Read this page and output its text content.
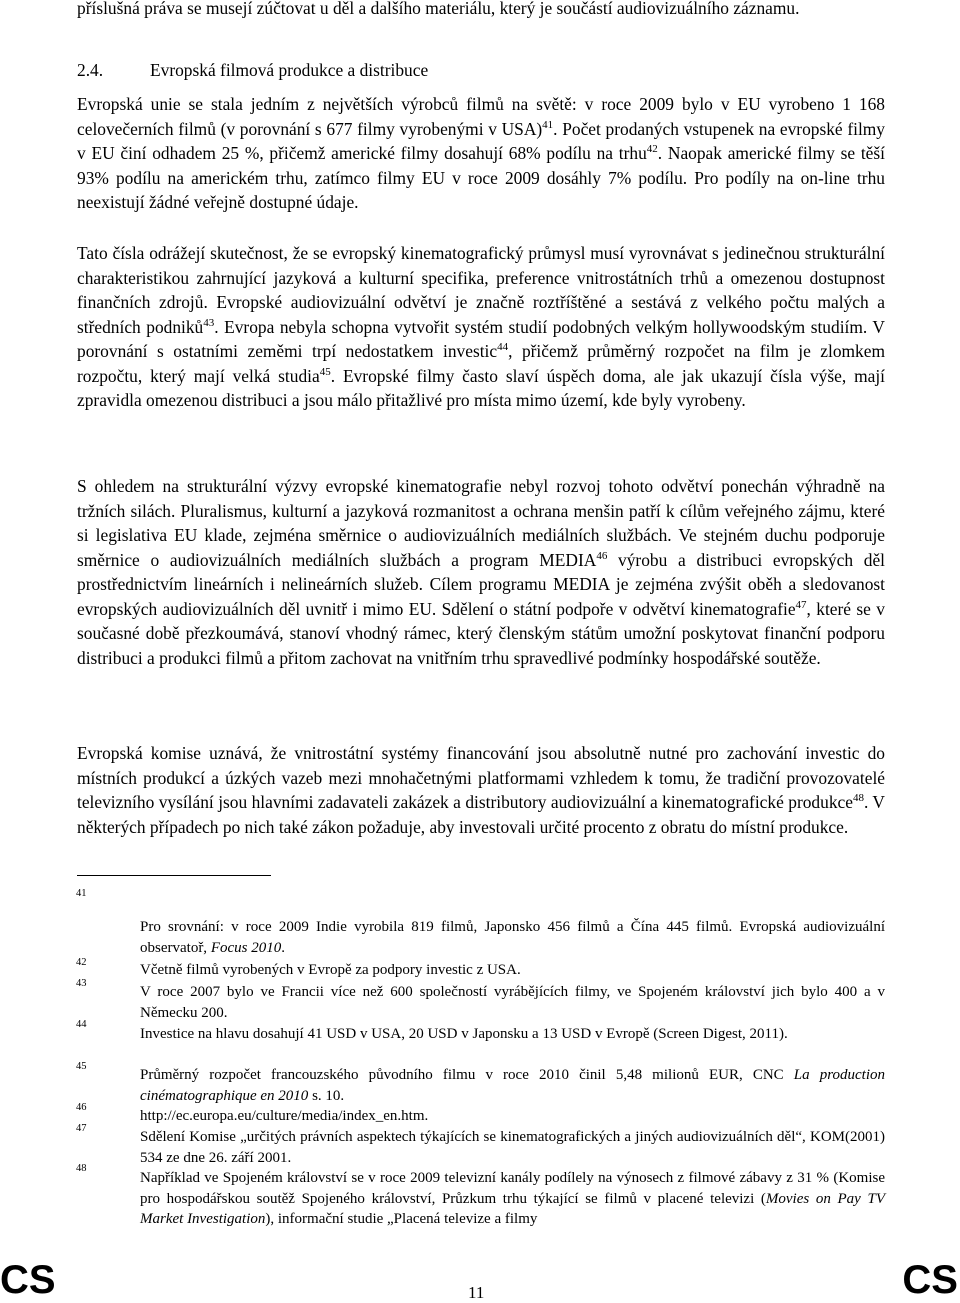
příslušná práva se musejí zúčtovat u děl a dalšího materiálu, který je součástí audiovizuálního záznamu.
2.4.	Evropská filmová produkce a distribuce
Evropská unie se stala jedním z největších výrobců filmů na světě: v roce 2009 bylo v EU vyrobeno 1 168 celovečerních filmů (v porovnání s 677 filmy vyrobenými v USA)$^{41}$. Počet prodaných vstupenek na evropské filmy v EU činí odhadem 25 %, přičemž americké filmy dosahují 68% podílu na trhu$^{42}$. Naopak americké filmy se těší 93% podílu na americkém trhu, zatímco filmy EU v roce 2009 dosáhly 7% podílu. Pro podíly na on-line trhu neexistují žádné veřejně dostupné údaje.
Tato čísla odrážejí skutečnost, že se evropský kinematografický průmysl musí vyrovnávat s jedinečnou strukturální charakteristikou zahrnující jazyková a kulturní specifika, preference vnitrostátních trhů a omezenou dostupnost finančních zdrojů. Evropské audiovizuální odvětví je značně roztříštěné a sestává z velkého počtu malých a středních podniků$^{43}$. Evropa nebyla schopna vytvořit systém studií podobných velkým hollywoodským studiím. V porovnání s ostatními zeměmi trpí nedostatkem investic$^{44}$, přičemž průměrný rozpočet na film je zlomkem rozpočtu, který mají velká studia$^{45}$. Evropské filmy často slaví úspěch doma, ale jak ukazují čísla výše, mají zpravidla omezenou distribuci a jsou málo přitažlivé pro místa mimo území, kde byly vyrobeny.
S ohledem na strukturální výzvy evropské kinematografie nebyl rozvoj tohoto odvětví ponechán výhradně na tržních silách. Pluralismus, kulturní a jazyková rozmanitost a ochrana menšin patří k cílům veřejného zájmu, které si legislativa EU klade, zejména směrnice o audiovizuálních mediálních službách. Ve stejném duchu podporuje směrnice o audiovizuálních mediálních službách a program MEDIA$^{46}$ výrobu a distribuci evropských děl prostřednictvím lineárních i nelineárních služeb. Cílem programu MEDIA je zejména zvýšit oběh a sledovanost evropských audiovizuálních děl uvnitř i mimo EU. Sdělení o státní podpoře v odvětví kinematografie$^{47}$, které se v současné době přezkoumává, stanoví vhodný rámec, který členským státům umožní poskytovat finanční podporu distribuci a produkci filmů a přitom zachovat na vnitřním trhu spravedlivé podmínky hospodářské soutěže.
Evropská komise uznává, že vnitrostátní systémy financování jsou absolutně nutné pro zachování investic do místních produkcí a úzkých vazeb mezi mnohačetnými platformami vzhledem k tomu, že tradiční provozovatelé televizního vysílání jsou hlavními zadavateli zakázek a distributory audiovizuální a kinematografické produkce$^{48}$. V některých případech po nich také zákon požaduje, aby investovali určité procento z obratu do místní produkce.
41
Pro srovnání: v roce 2009 Indie vyrobila 819 filmů, Japonsko 456 filmů a Čína 445 filmů. Evropská audiovizuální observatoř, Focus 2010.
42	Včetně filmů vyrobených v Evropě za podpory investic z USA.
43
V roce 2007 bylo ve Francii více než 600 společností vyrábějících filmy, ve Spojeném království jich bylo 400 a v Německu 200.
44
Investice na hlavu dosahují 41 USD v USA, 20 USD v Japonsku a 13 USD v Evropě (Screen Digest, 2011).
45
Průměrný rozpočet francouzského původního filmu v roce 2010 činil 5,48 milionů EUR, CNC La production cinématographique en 2010 s. 10.
46
http://ec.europa.eu/culture/media/index_en.htm.
47
Sdělení Komise „určitých právních aspektech týkajících se kinematografických a jiných audiovizuálních děl“, KOM(2001) 534 ze dne 26. září 2001.
48
Například ve Spojeném království se v roce 2009 televizní kanály podílely na výnosech z filmové zábavy z 31 % (Komise pro hospodářskou soutěž Spojeného království, Průzkum trhu týkající se filmů v placené televizi (Movies on Pay TV Market Investigation), informační studie „Placená televize a filmy
CS	11	CS
